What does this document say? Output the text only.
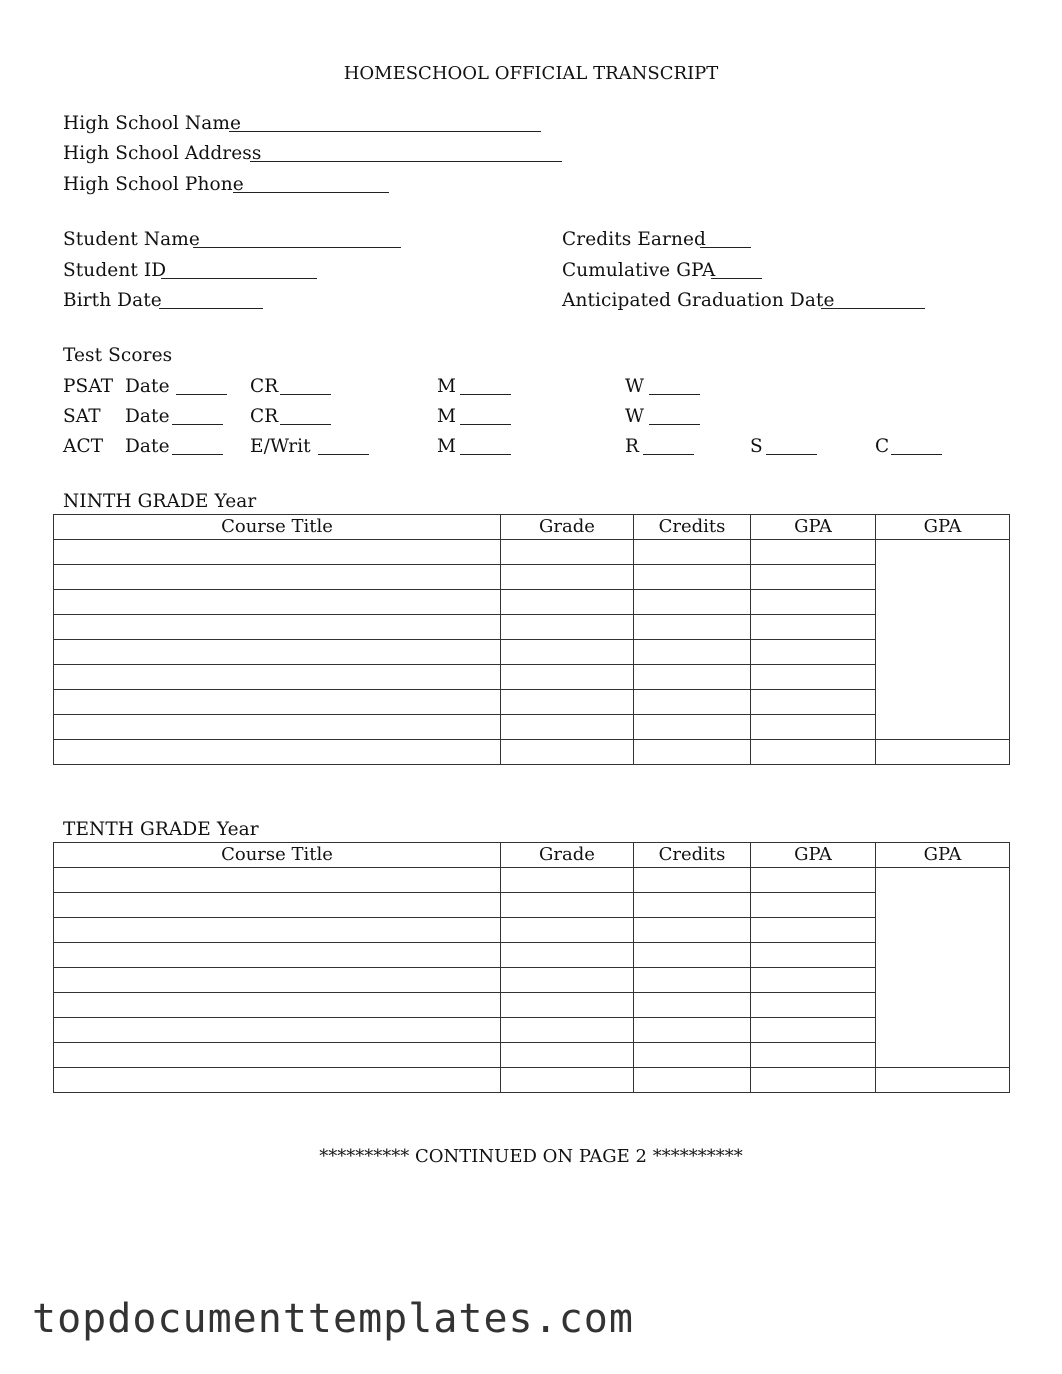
HOMESCHOOL OFFICIAL TRANSCRIPT
High School Name
High School Address
High School Phone
Student Name
Student ID
Birth Date
Credits Earned
Cumulative GPA
Anticipated Graduation Date
Test Scores
PSAT Date	CR	M	W
SAT Date	CR	M	W
ACT Date	E/Writ	M	R	S	C
NINTH GRADE Year
Course Title	Grade	Credits	GPA	GPA

TENTH GRADE Year
Course Title	Grade	Credits	GPA	GPA

********** CONTINUED ON PAGE 2 **********
topdocumenttemplates.com
